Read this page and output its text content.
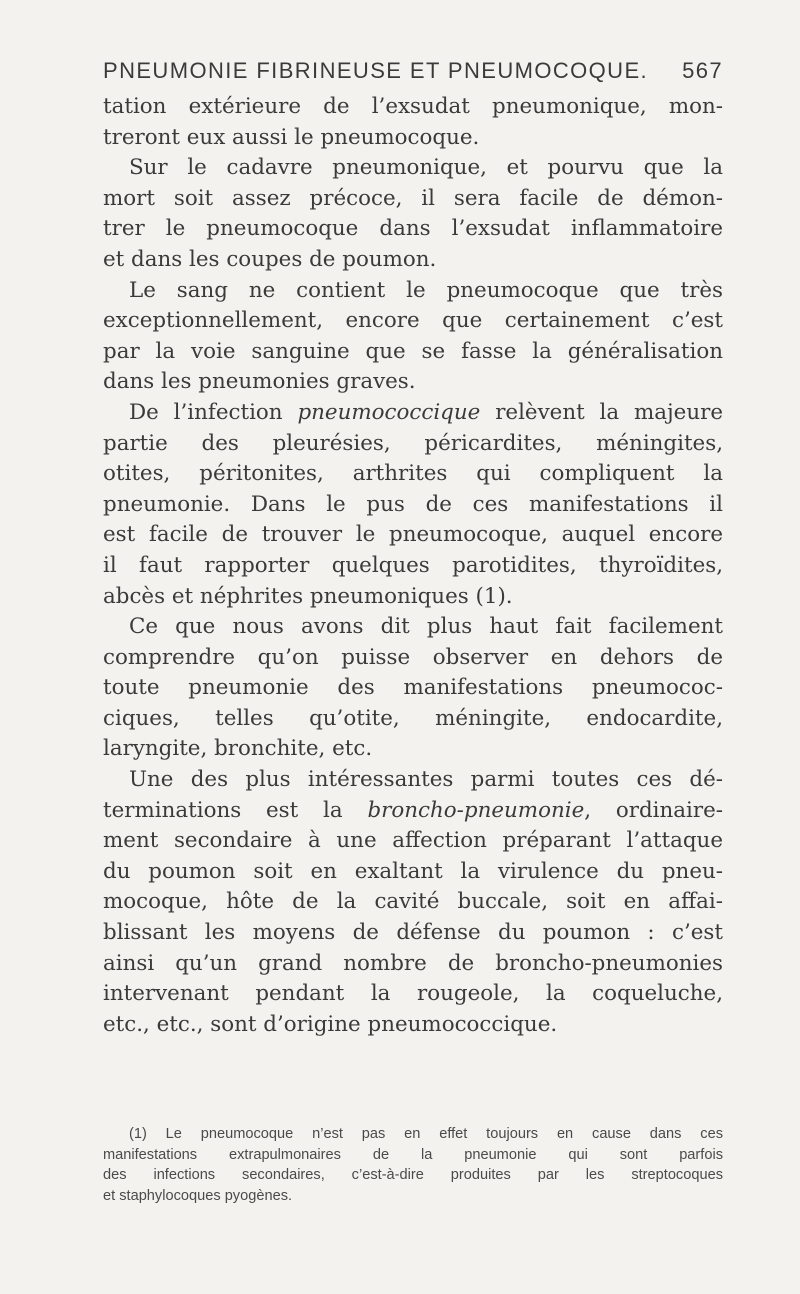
PNEUMONIE FIBRINEUSE ET PNEUMOCOQUE. 567
tation extérieure de l’exsudat pneumonique, mon-
treront eux aussi le pneumocoque.
Sur le cadavre pneumonique, et pourvu que la
mort soit assez précoce, il sera facile de démon-
trer le pneumocoque dans l’exsudat inflammatoire
et dans les coupes de poumon.
Le sang ne contient le pneumocoque que très
exceptionnellement, encore que certainement c’est
par la voie sanguine que se fasse la généralisation
dans les pneumonies graves.
De l’infection pneumococcique relèvent la majeure
partie des pleurésies, péricardites, méningites,
otites, péritonites, arthrites qui compliquent la
pneumonie. Dans le pus de ces manifestations il
est facile de trouver le pneumocoque, auquel encore
il faut rapporter quelques parotidites, thyroïdites,
abcès et néphrites pneumoniques (1).
Ce que nous avons dit plus haut fait facilement
comprendre qu’on puisse observer en dehors de
toute pneumonie des manifestations pneumococ-
ciques, telles qu’otite, méningite, endocardite,
laryngite, bronchite, etc.
Une des plus intéressantes parmi toutes ces dé-
terminations est la broncho-pneumonie, ordinaire-
ment secondaire à une affection préparant l’attaque
du poumon soit en exaltant la virulence du pneu-
mocoque, hôte de la cavité buccale, soit en affai-
blissant les moyens de défense du poumon : c’est
ainsi qu’un grand nombre de broncho-pneumonies
intervenant pendant la rougeole, la coqueluche,
etc., etc., sont d’origine pneumococcique.
(1) Le pneumocoque n’est pas en effet toujours en cause dans ces
manifestations extrapulmonaires de la pneumonie qui sont parfois
des infections secondaires, c’est-à-dire produites par les streptocoques
et staphylocoques pyogènes.
